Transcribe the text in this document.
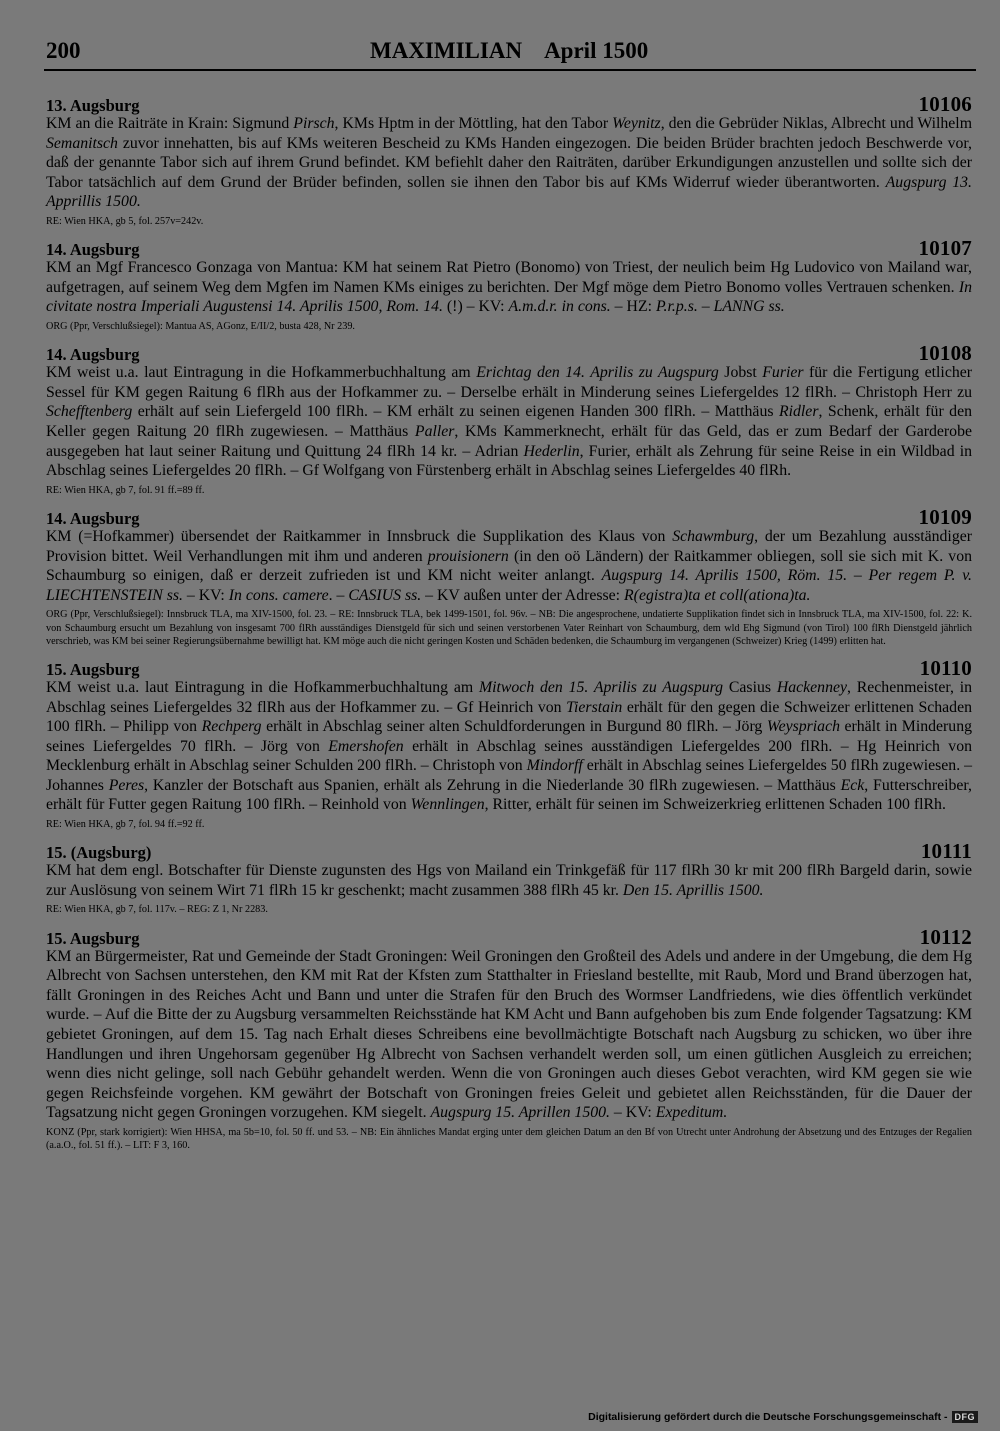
200	MAXIMILIAN April 1500
13. Augsburg	10106

KM an die Raiträte in Krain: Sigmund Pirsch, KMs Hptm in der Möttling, hat den Tabor Weynitz, den die Gebrüder Niklas, Albrecht und Wilhelm Semanitsch zuvor innehatten, bis auf KMs weiteren Bescheid zu KMs Handen eingezogen. Die beiden Brüder brachten jedoch Beschwerde vor, daß der genannte Tabor sich auf ihrem Grund befindet. KM befiehlt daher den Raiträten, darüber Erkundigungen anzustellen und sollte sich der Tabor tatsächlich auf dem Grund der Brüder befinden, sollen sie ihnen den Tabor bis auf KMs Widerruf wieder überantworten. Augspurg 13. Apprillis 1500.

RE: Wien HKA, gb 5, fol. 257v=242v.
14. Augsburg	10107

KM an Mgf Francesco Gonzaga von Mantua: KM hat seinem Rat Pietro (Bonomo) von Triest, der neulich beim Hg Ludovico von Mailand war, aufgetragen, auf seinem Weg dem Mgfen im Namen KMs einiges zu berichten. Der Mgf möge dem Pietro Bonomo volles Vertrauen schenken. In civitate nostra Imperiali Augustensi 14. Aprilis 1500, Rom. 14. (!) – KV: A.m.d.r. in cons. – HZ: P.r.p.s. – LANNG ss.

ORG (Ppr, Verschlußsiegel): Mantua AS, AGonz, E/II/2, busta 428, Nr 239.
14. Augsburg	10108

KM weist u.a. laut Eintragung in die Hofkammerbuchhaltung am Erichtag den 14. Aprilis zu Augspurg Jobst Furier für die Fertigung etlicher Sessel für KM gegen Raitung 6 flRh aus der Hofkammer zu. – Derselbe erhält in Minderung seines Liefergeldes 12 flRh. – Christoph Herr zu Schefftenberg erhält auf sein Liefergeld 100 flRh. – KM erhält zu seinen eigenen Handen 300 flRh. – Matthäus Ridler, Schenk, erhält für den Keller gegen Raitung 20 flRh zugewiesen. – Matthäus Paller, KMs Kammerknecht, erhält für das Geld, das er zum Bedarf der Garderobe ausgegeben hat laut seiner Raitung und Quittung 24 flRh 14 kr. – Adrian Hederlin, Furier, erhält als Zehrung für seine Reise in ein Wildbad in Abschlag seines Liefergeldes 20 flRh. – Gf Wolfgang von Fürstenberg erhält in Abschlag seines Liefergeldes 40 flRh.

RE: Wien HKA, gb 7, fol. 91 ff.=89 ff.
14. Augsburg	10109

KM (=Hofkammer) übersendet der Raitkammer in Innsbruck die Supplikation des Klaus von Schawmburg, der um Bezahlung ausständiger Provision bittet. Weil Verhandlungen mit ihm und anderen prouisionern (in den oö Ländern) der Raitkammer obliegen, soll sie sich mit K. von Schaumburg so einigen, daß er derzeit zufrieden ist und KM nicht weiter anlangt. Augspurg 14. Aprilis 1500, Röm. 15. – Per regem P. v. LIECHTENSTEIN ss. – KV: In cons. camere. – CASIUS ss. – KV außen unter der Adresse: R(egistra)ta et coll(ationa)ta.

ORG (Ppr, Verschlußsiegel): Innsbruck TLA, ma XIV-1500, fol. 23. – RE: Innsbruck TLA, bek 1499-1501, fol. 96v. – NB: Die angesprochene, undatierte Supplikation findet sich in Innsbruck TLA, ma XIV-1500, fol. 22: K. von Schaumburg ersucht um Bezahlung von insgesamt 700 flRh ausständiges Dienstgeld für sich und seinen verstorbenen Vater Reinhart von Schaumburg, dem wld Ehg Sigmund (von Tirol) 100 flRh Dienstgeld jährlich verschrieb, was KM bei seiner Regierungsübernahme bewilligt hat. KM möge auch die nicht geringen Kosten und Schäden bedenken, die Schaumburg im vergangenen (Schweizer) Krieg (1499) erlitten hat.
15. Augsburg	10110

KM weist u.a. laut Eintragung in die Hofkammerbuchhaltung am Mitwoch den 15. Aprilis zu Augspurg Casius Hackenney, Rechenmeister, in Abschlag seines Liefergeldes 32 flRh aus der Hofkammer zu. – Gf Heinrich von Tierstain erhält für den gegen die Schweizer erlittenen Schaden 100 flRh. – Philipp von Rechperg erhält in Abschlag seiner alten Schuldforderungen in Burgund 80 flRh. – Jörg Weyspriach erhält in Minderung seines Liefergeldes 70 flRh. – Jörg von Emershofen erhält in Abschlag seines ausständigen Liefergeldes 200 flRh. – Hg Heinrich von Mecklenburg erhält in Abschlag seiner Schulden 200 flRh. – Christoph von Mindorff erhält in Abschlag seines Liefergeldes 50 flRh zugewiesen. – Johannes Peres, Kanzler der Botschaft aus Spanien, erhält als Zehrung in die Niederlande 30 flRh zugewiesen. – Matthäus Eck, Futterschreiber, erhält für Futter gegen Raitung 100 flRh. – Reinhold von Wennlingen, Ritter, erhält für seinen im Schweizerkrieg erlittenen Schaden 100 flRh.

RE: Wien HKA, gb 7, fol. 94 ff.=92 ff.
15. (Augsburg)	10111

KM hat dem engl. Botschafter für Dienste zugunsten des Hgs von Mailand ein Trinkgefäß für 117 flRh 30 kr mit 200 flRh Bargeld darin, sowie zur Auslösung von seinem Wirt 71 flRh 15 kr geschenkt; macht zusammen 388 flRh 45 kr. Den 15. Aprillis 1500.

RE: Wien HKA, gb 7, fol. 117v. – REG: Z 1, Nr 2283.
15. Augsburg	10112

KM an Bürgermeister, Rat und Gemeinde der Stadt Groningen: Weil Groningen den Großteil des Adels und andere in der Umgebung, die dem Hg Albrecht von Sachsen unterstehen, den KM mit Rat der Kfsten zum Statthalter in Friesland bestellte, mit Raub, Mord und Brand überzogen hat, fällt Groningen in des Reiches Acht und Bann und unter die Strafen für den Bruch des Wormser Landfriedens, wie dies öffentlich verkündet wurde. – Auf die Bitte der zu Augsburg versammelten Reichsstände hat KM Acht und Bann aufgehoben bis zum Ende folgender Tagsatzung: KM gebietet Groningen, auf dem 15. Tag nach Erhalt dieses Schreibens eine bevollmächtigte Botschaft nach Augsburg zu schicken, wo über ihre Handlungen und ihren Ungehorsam gegenüber Hg Albrecht von Sachsen verhandelt werden soll, um einen gütlichen Ausgleich zu erreichen; wenn dies nicht gelinge, soll nach Gebühr gehandelt werden. Wenn die von Groningen auch dieses Gebot verachten, wird KM gegen sie wie gegen Reichsfeinde vorgehen. KM gewährt der Botschaft von Groningen freies Geleit und gebietet allen Reichsständen, für die Dauer der Tagsatzung nicht gegen Groningen vorzugehen. KM siegelt. Augspurg 15. Aprillen 1500. – KV: Expeditum.

KONZ (Ppr, stark korrigiert): Wien HHSA, ma 5b=10, fol. 50 ff. und 53. – NB: Ein ähnliches Mandat erging unter dem gleichen Datum an den Bf von Utrecht unter Androhung der Absetzung und des Entzuges der Regalien (a.a.O., fol. 51 ff.). – LIT: F 3, 160.
Digitalisierung gefördert durch die Deutsche Forschungsgemeinschaft - DFG
